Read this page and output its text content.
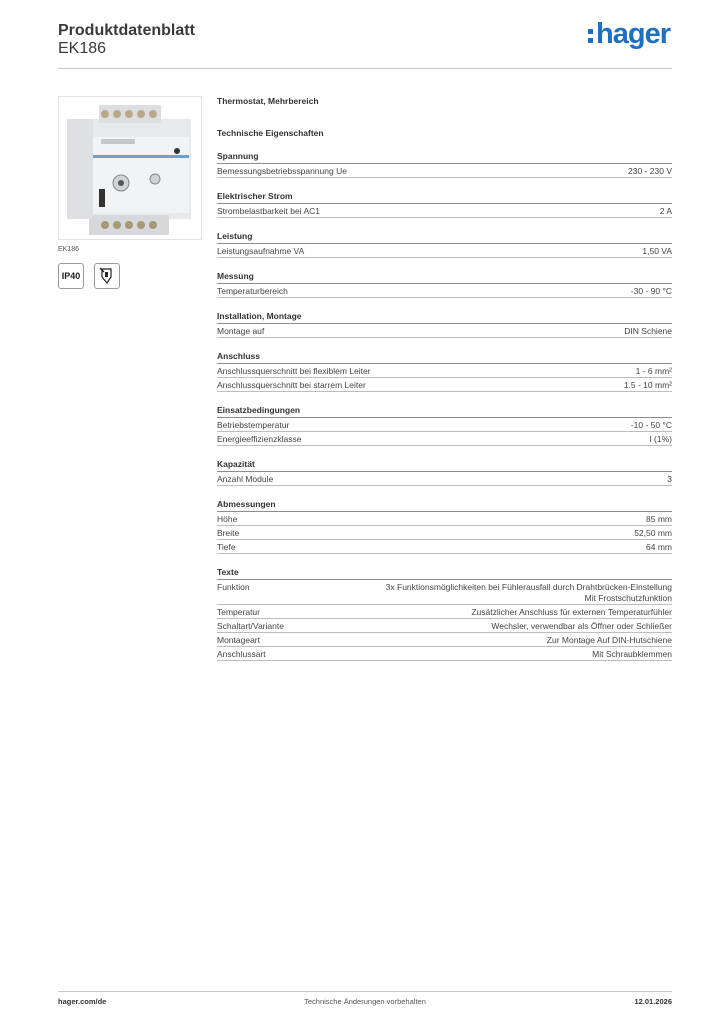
Produktdatenblatt
EK186	hager
EK186
IP40
Thermostat, Mehrbereich
Technische Eigenschaften
Spannung
Bemessungsbetriebsspannung Ue	230 - 230 V
Elektrischer Strom
Strombelastbarkeit bei AC1	2 A
Leistung
Leistungsaufnahme VA	1,50 VA
Messung
Temperaturbereich	-30 - 90 °C
Installation, Montage
Montage auf	DIN Schiene
Anschluss
Anschlussquerschnitt bei flexiblem Leiter	1 - 6 mm²
Anschlussquerschnitt bei starrem Leiter	1.5 - 10 mm²
Einsatzbedingungen
Betriebstemperatur	-10 - 50 °C
Energieeffizienzklasse	I (1%)
Kapazität
Anzahl Module	3
Abmessungen
Höhe	85 mm
Breite	52,50 mm
Tiefe	64 mm
Texte
Funktion	3x Funktionsmöglichkeiten bei Fühlerausfall durch Drahtbrücken-Einstellung
Mit Frostschutzfunktion
Temperatur	Zusätzlicher Anschluss für externen Temperaturfühler
Schaltart/Variante	Wechsler, verwendbar als Öffner oder Schließer
Montageart	Zur Montage Auf DIN-Hutschiene
Anschlussart	Mit Schraubklemmen
hager.com/de	Technische Änderungen vorbehalten	12.01.2026
